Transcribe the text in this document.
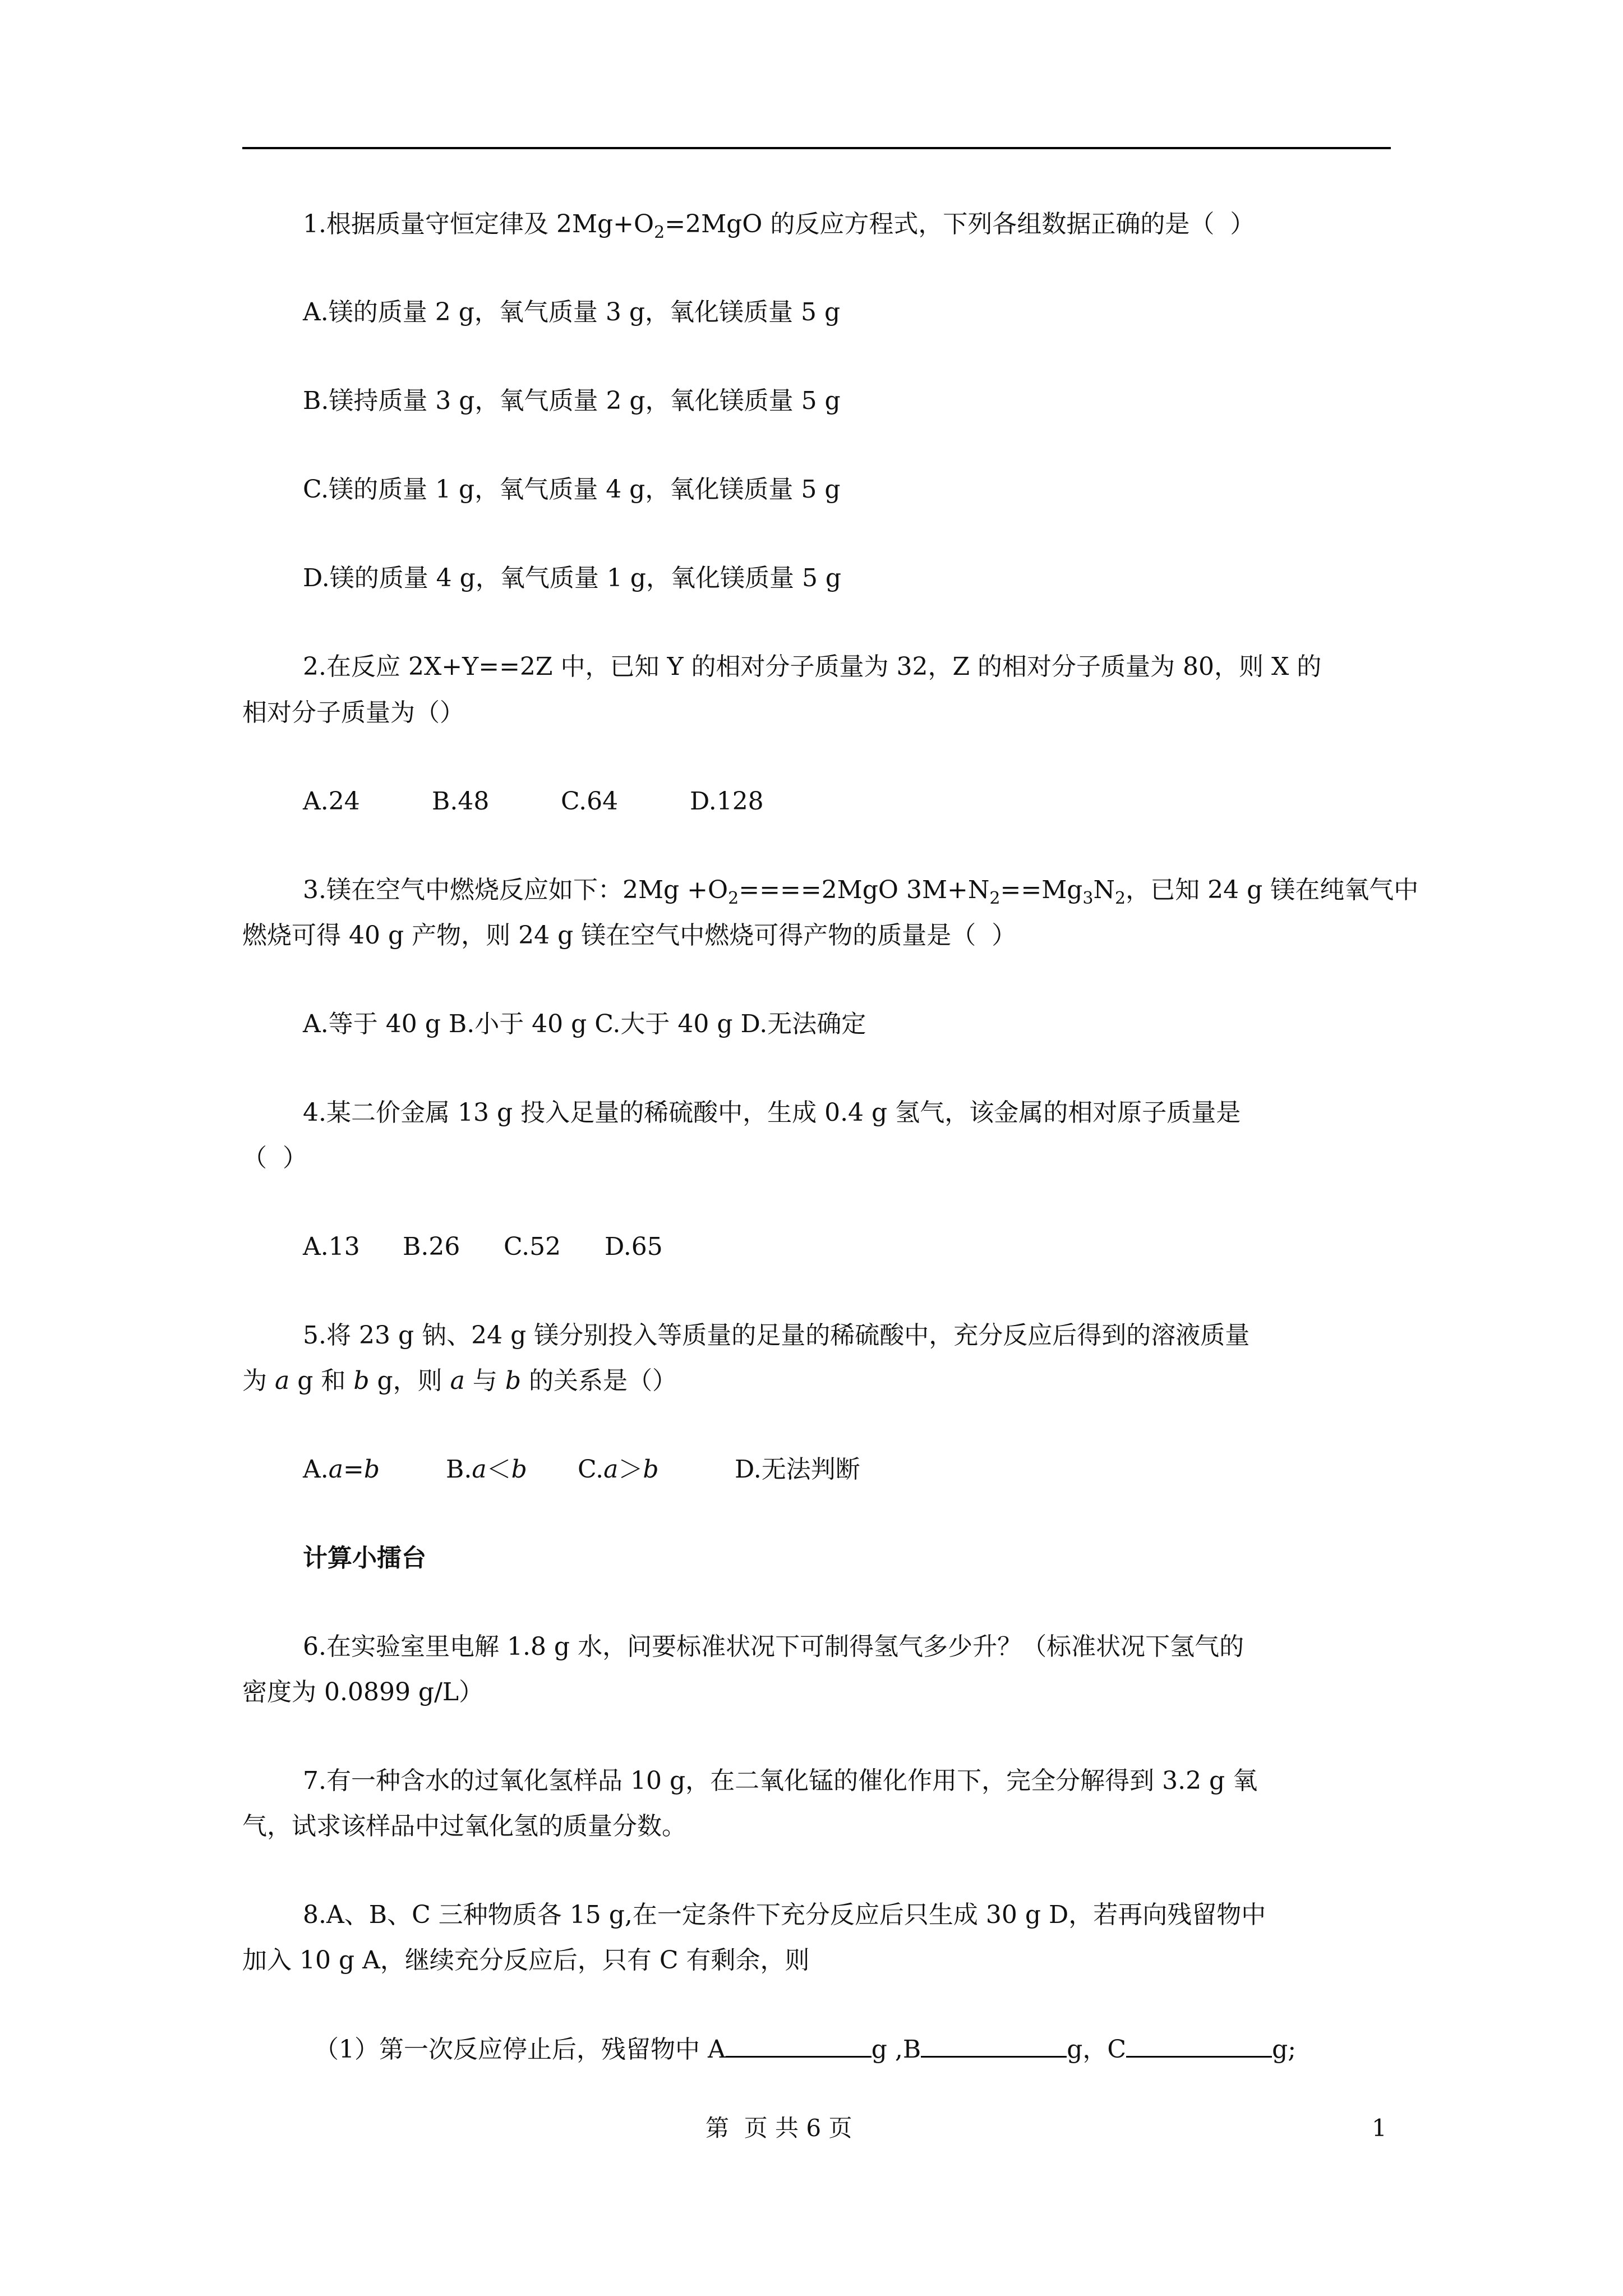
1.根据质量守恒定律及 $2Mg+O_2=2MgO$ 的反应方程式，下列各组数据正确的是（  ）
A.镁的质量 2 g，氧气质量 3 g，氧化镁质量 5 g
B.镁持质量 3 g，氧气质量 2 g，氧化镁质量 5 g
C.镁的质量 1 g，氧气质量 4 g，氧化镁质量 5 g
D.镁的质量 4 g，氧气质量 1 g，氧化镁质量 5 g
2.在反应 2X+Y==2Z 中，已知 Y 的相对分子质量为 32，Z 的相对分子质量为 80，则 X 的
相对分子质量为（）
A.24	B.48	C.64	D.128
3.镁在空气中燃烧反应如下：$2Mg +O_2====2MgO$ $3M+N_2==Mg_3N_2$，已知 24 g 镁在纯氧气中
燃烧可得 40 g 产物，则 24 g 镁在空气中燃烧可得产物的质量是（  ）
A.等于 40 g B.小于 40 g C.大于 40 g D.无法确定
4.某二价金属 13 g 投入足量的稀硫酸中，生成 0.4 g 氢气，该金属的相对原子质量是
（  ）
A.13 B.26 C.52 D.65
5.将 23 g 钠、24 g 镁分别投入等质量的足量的稀硫酸中，充分反应后得到的溶液质量
为 a g 和 b g，则 a 与 b 的关系是（）
A.a=b	B.a＜b C.a＞b	D.无法判断
计算小擂台
6.在实验室里电解 1.8 g 水，问要标准状况下可制得氢气多少升？（标准状况下氢气的
密度为 0.0899 g/L）
7.有一种含水的过氧化氢样品 10 g，在二氧化锰的催化作用下，完全分解得到 3.2 g 氧
气，试求该样品中过氧化氢的质量分数。
8.A、B、C 三种物质各 15 g,在一定条件下充分反应后只生成 30 g D，若再向残留物中
加入 10 g A，继续充分反应后，只有 C 有剩余，则
（1）第一次反应停止后，残留物中 A	g ,B	g，C	g;
第  页 共 6 页	1
